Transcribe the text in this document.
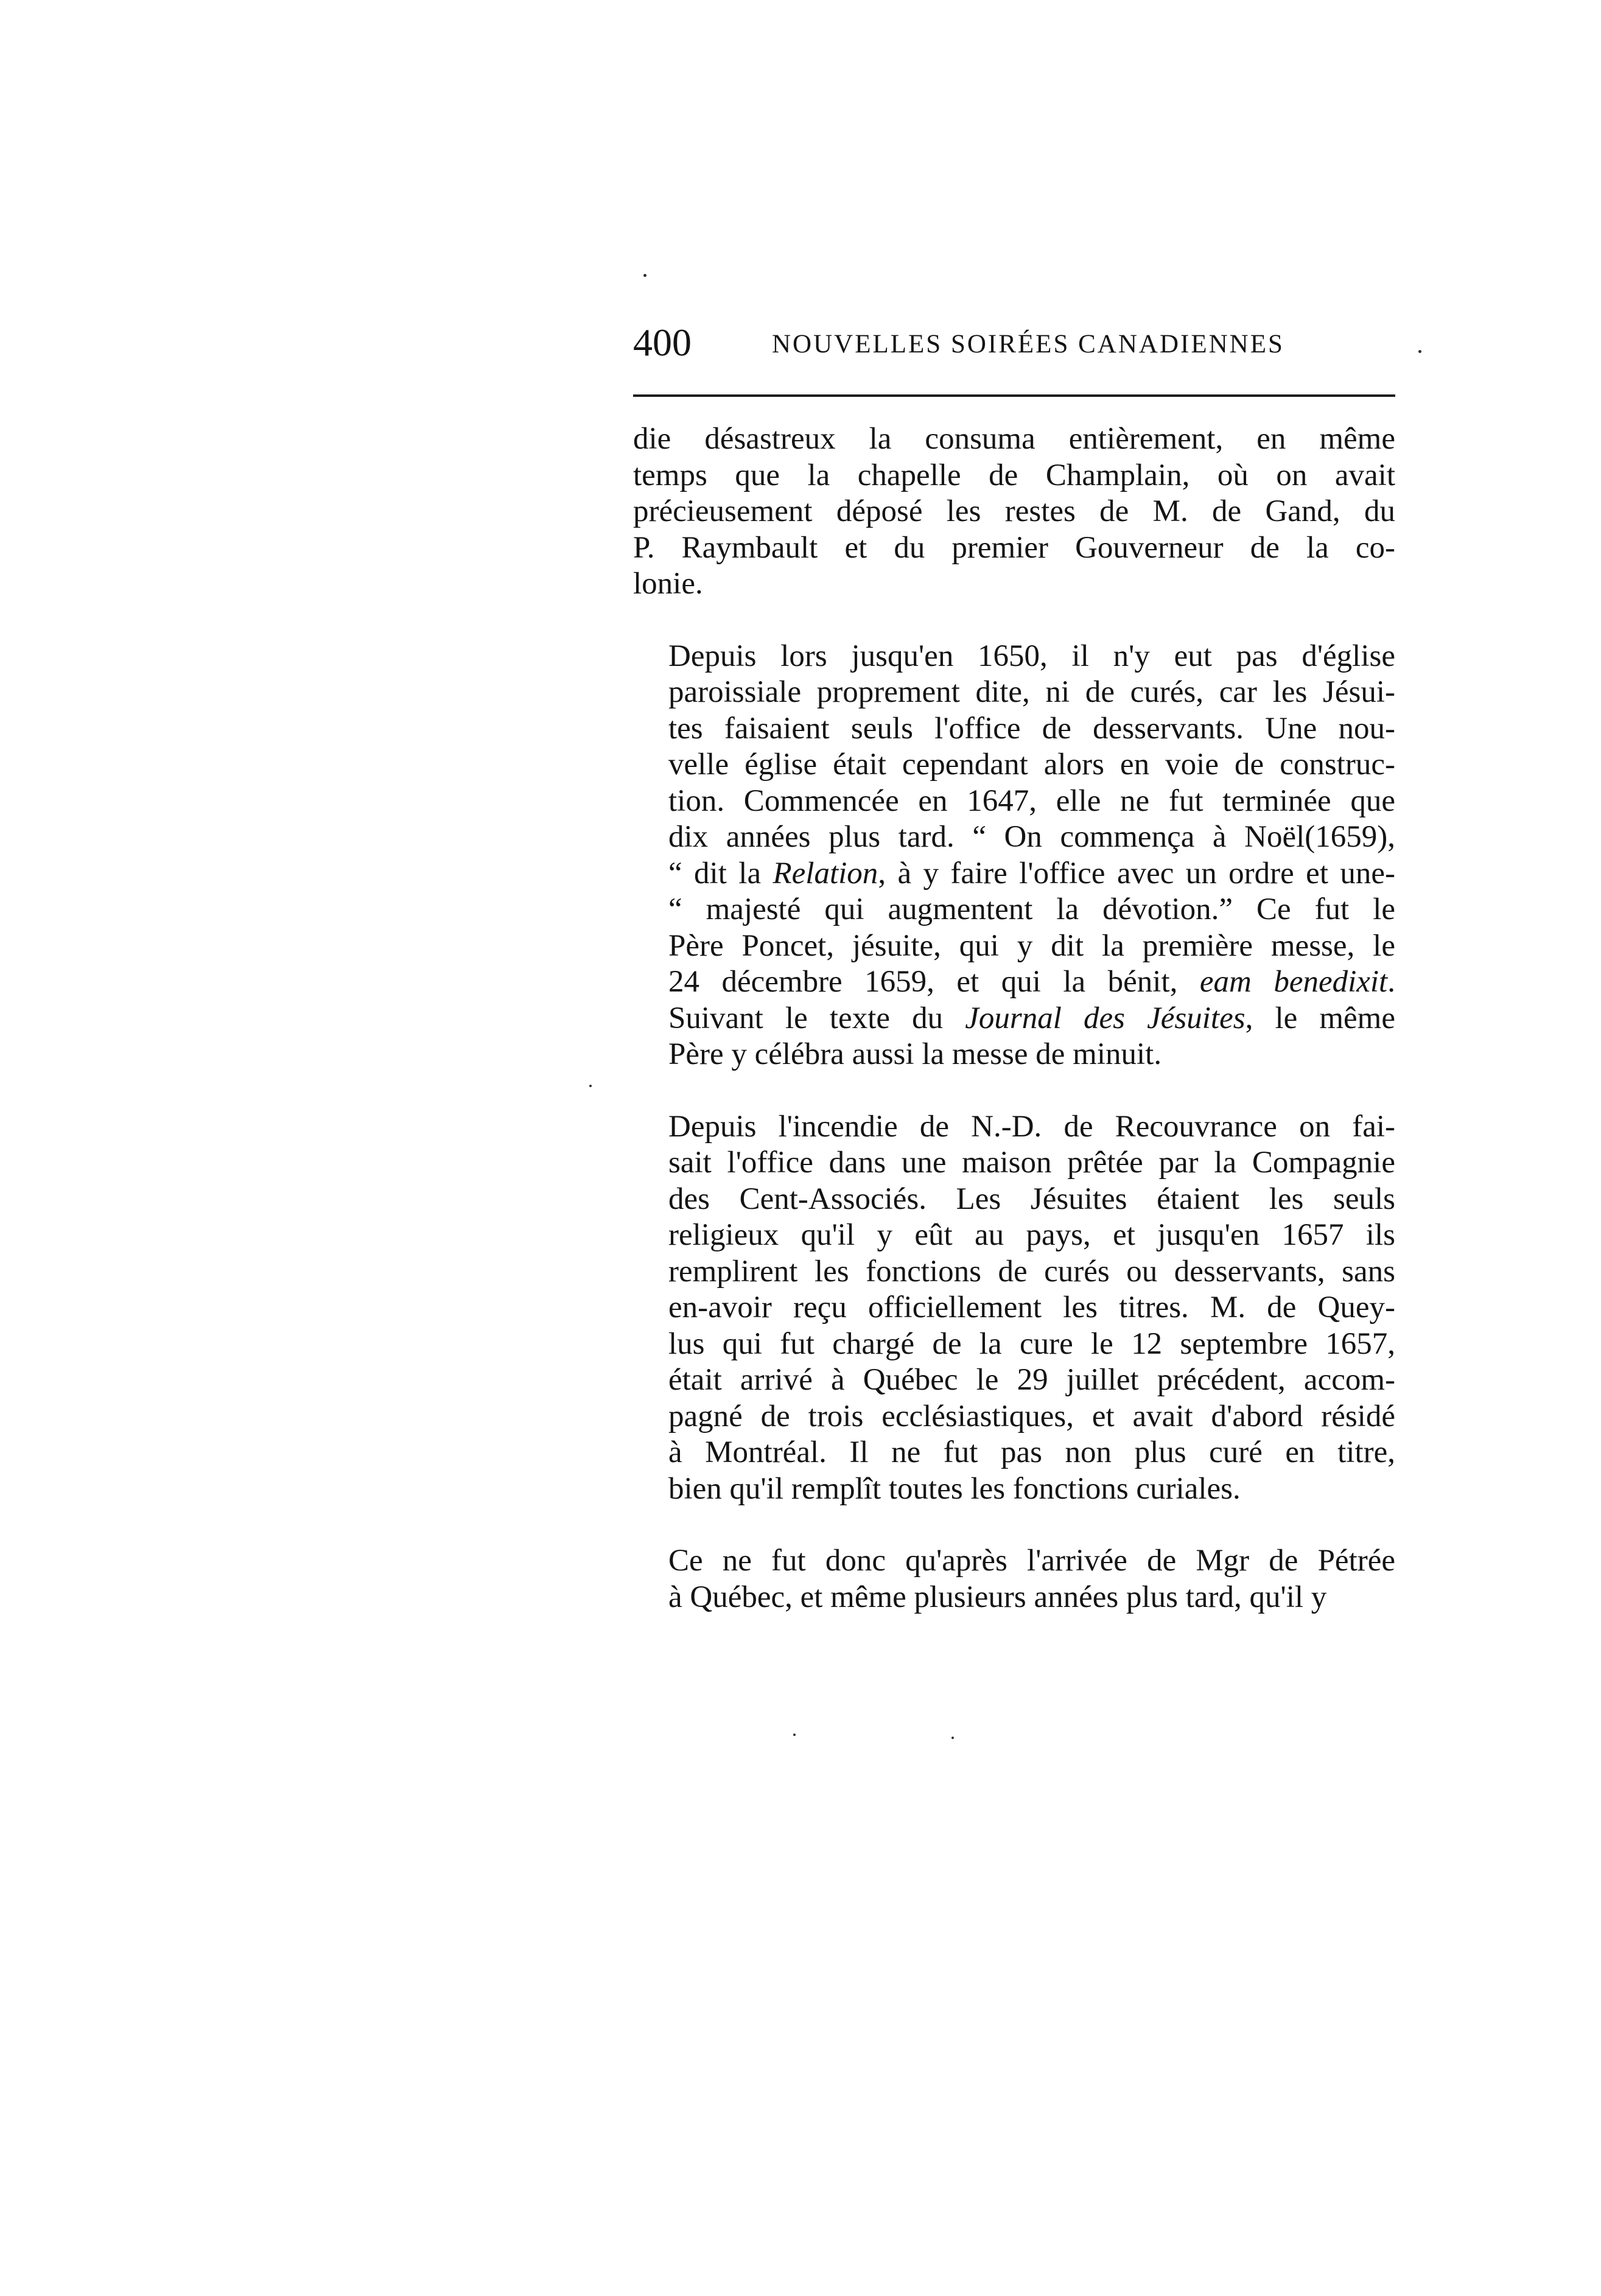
400	NOUVELLES SOIRÉES CANADIENNES
die désastreux la consuma entièrement, en même
temps que la chapelle de Champlain, où on avait
précieusement déposé les restes de M. de Gand, du
P. Raymbault et du premier Gouverneur de la co-
lonie.
Depuis lors jusqu'en 1650, il n'y eut pas d'église
paroissiale proprement dite, ni de curés, car les Jésui-
tes faisaient seuls l'office de desservants. Une nou-
velle église était cependant alors en voie de construc-
tion. Commencée en 1647, elle ne fut terminée que
dix années plus tard. “ On commença à Noël(1659),
“ dit la Relation, à y faire l'office avec un ordre et une-
“ majesté qui augmentent la dévotion.” Ce fut le
Père Poncet, jésuite, qui y dit la première messe, le
24 décembre 1659, et qui la bénit, eam benedixit.
Suivant le texte du Journal des Jésuites, le même
Père y célébra aussi la messe de minuit.
Depuis l'incendie de N.-D. de Recouvrance on fai-
sait l'office dans une maison prêtée par la Compagnie
des Cent-Associés. Les Jésuites étaient les seuls
religieux qu'il y eût au pays, et jusqu'en 1657 ils
remplirent les fonctions de curés ou desservants, sans
en-avoir reçu officiellement les titres. M. de Quey-
lus qui fut chargé de la cure le 12 septembre 1657,
était arrivé à Québec le 29 juillet précédent, accom-
pagné de trois ecclésiastiques, et avait d'abord résidé
à Montréal. Il ne fut pas non plus curé en titre,
bien qu'il remplît toutes les fonctions curiales.
Ce ne fut donc qu'après l'arrivée de Mgr de Pétrée
à Québec, et même plusieurs années plus tard, qu'il y
